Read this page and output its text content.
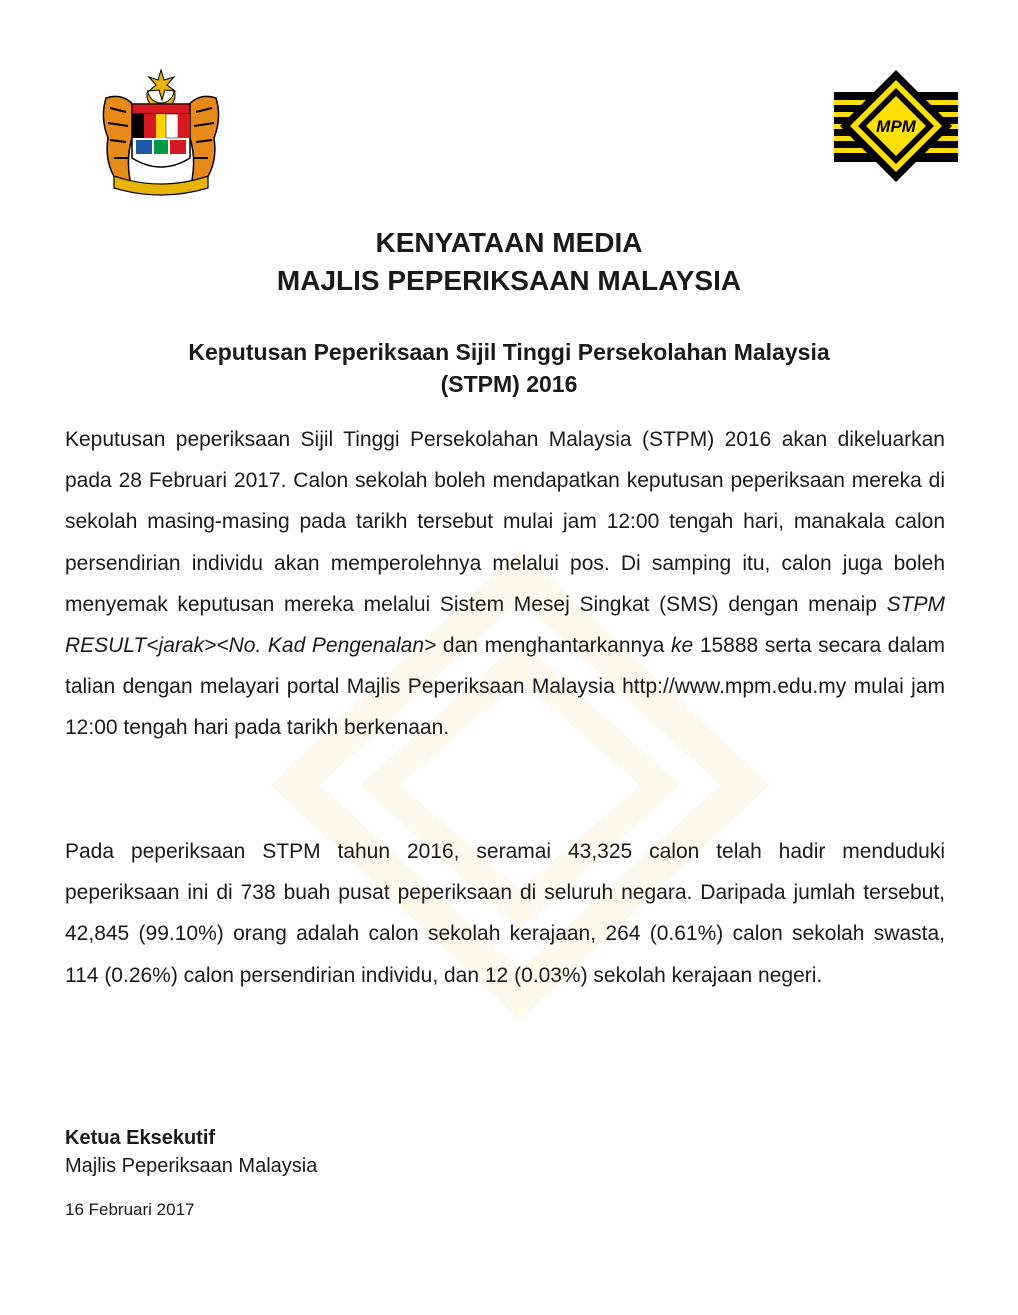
MPM
KENYATAAN MEDIA
MAJLIS PEPERIKSAAN MALAYSIA
Keputusan Peperiksaan Sijil Tinggi Persekolahan Malaysia
(STPM) 2016

Keputusan peperiksaan Sijil Tinggi Persekolahan Malaysia (STPM) 2016 akan dikeluarkan pada 28 Februari 2017. Calon sekolah boleh mendapatkan keputusan peperiksaan mereka di sekolah masing-masing pada tarikh tersebut mulai jam 12:00 tengah hari, manakala calon persendirian individu akan memperolehnya melalui pos. Di samping itu, calon juga boleh menyemak keputusan mereka melalui Sistem Mesej Singkat (SMS) dengan menaip STPM RESULT<jarak><No. Kad Pengenalan> dan menghantarkannya ke 15888 serta secara dalam talian dengan melayari portal Majlis Peperiksaan Malaysia http://www.mpm.edu.my mulai jam 12:00 tengah hari pada tarikh berkenaan.

Pada peperiksaan STPM tahun 2016, seramai 43,325 calon telah hadir menduduki peperiksaan ini di 738 buah pusat peperiksaan di seluruh negara. Daripada jumlah tersebut, 42,845 (99.10%) orang adalah calon sekolah kerajaan, 264 (0.61%) calon sekolah swasta, 114 (0.26%) calon persendirian individu, dan 12 (0.03%) sekolah kerajaan negeri.

Ketua Eksekutif
Majlis Peperiksaan Malaysia
16 Februari 2017
